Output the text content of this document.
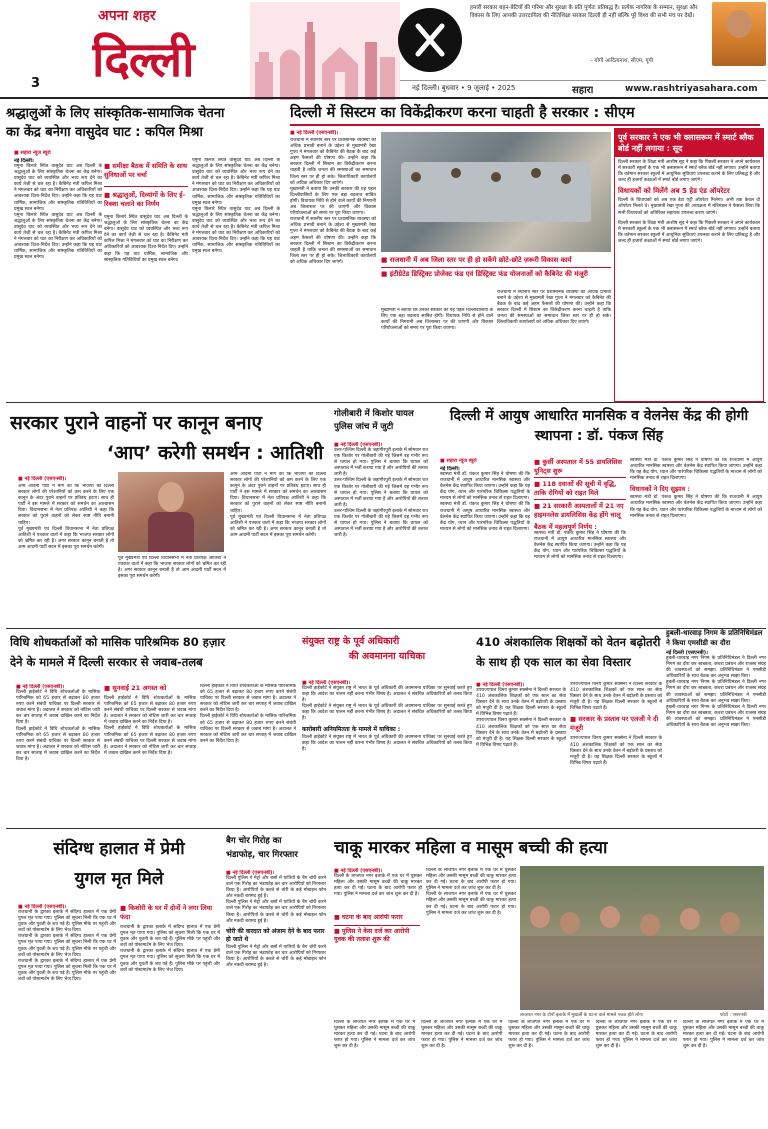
3
अपना शहर
दिल्ली
हमारी सरकार बहन-बेटियों की गरिमा और सुरक्षा के प्रति पूर्णतः प्रतिबद्ध है। प्रत्येक नागरिक के सम्मान, सुरक्षा और विकास के लिए आपकी उत्तरदायित्व की नीतिशिक्षा सरकार दिल्ली ही नहीं बल्कि पूरे विश्व की सभी मंच पर देखें।
– योगी आदित्यनाथ, सीएम, यूपी
नई दिल्ली। बुधवार • 9 जुलाई • 2025	सहारा	www.rashtriyasahara.com
श्रद्धालुओं के लिए सांस्कृतिक-सामाजिक चेतना
का केंद्र बनेगा वासुदेव घाट : कपिल मिश्रा
■ सहारा न्यूज ब्यूरो
नई दिल्ली।
यमुना किनारे स्थित वासुदेव घाट अब दिल्ली के श्रद्धालुओं के लिए सांस्कृतिक चेतना का केंद्र बनेगा। वासुदेव घाट को व्यवस्थित और भव्य रूप देने का कार्य तेज़ी से चल रहा है। कैबिनेट मंत्री कपिल मिश्रा ने मंगलवार को घाट का निरीक्षण कर अधिकारियों को आवश्यक दिशा-निर्देश दिए। उन्होंने कहा कि यह घाट धार्मिक, सामाजिक और सांस्कृतिक गतिविधियों का प्रमुख स्थल बनेगा।
यमुना किनारे स्थित वासुदेव घाट अब दिल्ली के श्रद्धालुओं के लिए सांस्कृतिक चेतना का केंद्र बनेगा। वासुदेव घाट को व्यवस्थित और भव्य रूप देने का कार्य तेज़ी से चल रहा है। कैबिनेट मंत्री कपिल मिश्रा ने मंगलवार को घाट का निरीक्षण कर अधिकारियों को आवश्यक दिशा-निर्देश दिए। उन्होंने कहा कि यह घाट धार्मिक, सामाजिक और सांस्कृतिक गतिविधियों का प्रमुख स्थल बनेगा।
■ समीक्षा बैठक में समिति के साथ सुविधाओं पर चर्चा
■ श्रद्धालुओं, दिव्यांगों के लिए ई-रिक्शा चलाने का निर्णय
यमुना किनारे स्थित वासुदेव घाट अब दिल्ली के श्रद्धालुओं के लिए सांस्कृतिक चेतना का केंद्र बनेगा। वासुदेव घाट को व्यवस्थित और भव्य रूप देने का कार्य तेज़ी से चल रहा है। कैबिनेट मंत्री कपिल मिश्रा ने मंगलवार को घाट का निरीक्षण कर अधिकारियों को आवश्यक दिशा-निर्देश दिए। उन्होंने कहा कि यह घाट धार्मिक, सामाजिक और सांस्कृतिक गतिविधियों का प्रमुख स्थल बनेगा।
यमुना किनारे स्थित वासुदेव घाट अब दिल्ली के श्रद्धालुओं के लिए सांस्कृतिक चेतना का केंद्र बनेगा। वासुदेव घाट को व्यवस्थित और भव्य रूप देने का कार्य तेज़ी से चल रहा है। कैबिनेट मंत्री कपिल मिश्रा ने मंगलवार को घाट का निरीक्षण कर अधिकारियों को आवश्यक दिशा-निर्देश दिए। उन्होंने कहा कि यह घाट धार्मिक, सामाजिक और सांस्कृतिक गतिविधियों का प्रमुख स्थल बनेगा।
यमुना किनारे स्थित वासुदेव घाट अब दिल्ली के श्रद्धालुओं के लिए सांस्कृतिक चेतना का केंद्र बनेगा। वासुदेव घाट को व्यवस्थित और भव्य रूप देने का कार्य तेज़ी से चल रहा है। कैबिनेट मंत्री कपिल मिश्रा ने मंगलवार को घाट का निरीक्षण कर अधिकारियों को आवश्यक दिशा-निर्देश दिए। उन्होंने कहा कि यह घाट धार्मिक, सामाजिक और सांस्कृतिक गतिविधियों का प्रमुख स्थल बनेगा।
दिल्ली में सिस्टम का विकेंद्रीकरण करना चाहती है सरकार : सीएम
■ नई दिल्ली (एसएनबी)।
राजधानी में स्थानीय स्तर पर प्रशासनिक व्यवस्था को अधिक प्रभावी बनाने के उद्देश्य से मुख्यमंत्री रेखा गुप्ता ने मंगलवार को कैबिनेट की बैठक के बाद कई अहम फैसलों की घोषणा की। उन्होंने कहा कि सरकार दिल्ली में सिस्टम का विकेंद्रीकरण करना चाहती है ताकि जनता की समस्याओं का समाधान जिला स्तर पर ही हो सके। जिलाधिकारी कार्यालयों को अधिक अधिकार दिए जाएंगे।
मुख्यमंत्री ने बताया कि उनकी सरकार की यह पहल दिल्लीवासियों के लिए एक बड़ा बदलाव साबित होगी। विधायक निधि से होने वाले कार्यों की निगरानी अब जिलास्तर पर की जाएगी और विकास परियोजनाओं को समय पर पूरा किया जाएगा।
राजधानी में स्थानीय स्तर पर प्रशासनिक व्यवस्था को अधिक प्रभावी बनाने के उद्देश्य से मुख्यमंत्री रेखा गुप्ता ने मंगलवार को कैबिनेट की बैठक के बाद कई अहम फैसलों की घोषणा की। उन्होंने कहा कि सरकार दिल्ली में सिस्टम का विकेंद्रीकरण करना चाहती है ताकि जनता की समस्याओं का समाधान जिला स्तर पर ही हो सके। जिलाधिकारी कार्यालयों को अधिक अधिकार दिए जाएंगे।	■ राजधानी में अब जिला स्तर पर ही हो सकेंगे छोटे-छोटे ज़रूरी विकास कार्य
■ इंटीग्रेटेड डिस्ट्रिक्ट प्रोजेक्ट फंड एवं डिस्ट्रिक्ट फंड योजनाओं को कैबिनेट की मंजूरी
मुख्यमंत्री ने बताया कि उनकी सरकार की यह पहल दिल्लीवासियों के लिए एक बड़ा बदलाव साबित होगी। विधायक निधि से होने वाले कार्यों की निगरानी अब जिलास्तर पर की जाएगी और विकास परियोजनाओं को समय पर पूरा किया जाएगा।
राजधानी में स्थानीय स्तर पर प्रशासनिक व्यवस्था को अधिक प्रभावी बनाने के उद्देश्य से मुख्यमंत्री रेखा गुप्ता ने मंगलवार को कैबिनेट की बैठक के बाद कई अहम फैसलों की घोषणा की। उन्होंने कहा कि सरकार दिल्ली में सिस्टम का विकेंद्रीकरण करना चाहती है ताकि जनता की समस्याओं का समाधान जिला स्तर पर ही हो सके। जिलाधिकारी कार्यालयों को अधिक अधिकार दिए जाएंगे।
पूर्व सरकार ने एक भी क्लासरूम में स्मार्ट ब्लैक बोर्ड नहीं लगाया : सूद
दिल्ली सरकार के शिक्षा मंत्री आशीष सूद ने कहा कि पिछली सरकार ने अपने कार्यकाल में सरकारी स्कूलों के एक भी क्लासरूम में स्मार्ट ब्लैक बोर्ड नहीं लगाया। उन्होंने बताया कि वर्तमान सरकार स्कूलों में आधुनिक सुविधाएं उपलब्ध कराने के लिए प्रतिबद्ध है और जल्द ही हजारों कक्षाओं में स्मार्ट बोर्ड लगाए जाएंगे।
विधायकों को मिलेंगे अब 5 हेड एंड ऑपरेटर
दिल्ली के विधायकों को अब एक डेटा एंट्री ऑपरेटर मिलेगा। अभी तक केवल दो ऑपरेटर मिलते थे। मुख्यमंत्री रेखा गुप्ता की अध्यक्षता में मंत्रिमंडल ने फैसला लिया कि सभी विधायकों को अतिरिक्त सहायक उपलब्ध कराए जाएंगे।
दिल्ली सरकार के शिक्षा मंत्री आशीष सूद ने कहा कि पिछली सरकार ने अपने कार्यकाल में सरकारी स्कूलों के एक भी क्लासरूम में स्मार्ट ब्लैक बोर्ड नहीं लगाया। उन्होंने बताया कि वर्तमान सरकार स्कूलों में आधुनिक सुविधाएं उपलब्ध कराने के लिए प्रतिबद्ध है और जल्द ही हजारों कक्षाओं में स्मार्ट बोर्ड लगाए जाएंगे।
सरकार पुराने वाहनों पर कानून बनाए
‘आप’ करेगी समर्थन : आतिशी
■ नई दिल्ली (एसएनबी)।
आम आदमी पार्टी ने मांग की कि भाजपा की दिल्ली सरकार लोगों की परेशानियों को कम करने के लिए एक कानून के अंदर पुराने वाहनों पर प्रतिबंध हटाए। साथ ही पार्टी ने इस मामले में सरकार को समर्थन का आश्वासन दिया। विधानसभा में नेता प्रतिपक्ष आतिशी ने कहा कि सरकार को पुराने वाहनों को लेकर स्पष्ट नीति बनानी चाहिए।
पूर्व मुख्यमंत्री एवं दिल्ली विधानसभा में नेता प्रतिपक्ष आतिशी ने पत्रकार वार्ता में कहा कि भाजपा सरकार लोगों को भ्रमित कर रही है। अगर सरकार कानून बनाती है तो आम आदमी पार्टी सदन में इसका पूरा समर्थन करेगी।
पूर्व मुख्यमंत्री एवं दिल्ली विधानसभा में नेता प्रतिपक्ष आतिशी ने पत्रकार वार्ता में कहा कि भाजपा सरकार लोगों को भ्रमित कर रही है। अगर सरकार कानून बनाती है तो आम आदमी पार्टी सदन में इसका पूरा समर्थन करेगी।
आम आदमी पार्टी ने मांग की कि भाजपा की दिल्ली सरकार लोगों की परेशानियों को कम करने के लिए एक कानून के अंदर पुराने वाहनों पर प्रतिबंध हटाए। साथ ही पार्टी ने इस मामले में सरकार को समर्थन का आश्वासन दिया। विधानसभा में नेता प्रतिपक्ष आतिशी ने कहा कि सरकार को पुराने वाहनों को लेकर स्पष्ट नीति बनानी चाहिए।
पूर्व मुख्यमंत्री एवं दिल्ली विधानसभा में नेता प्रतिपक्ष आतिशी ने पत्रकार वार्ता में कहा कि भाजपा सरकार लोगों को भ्रमित कर रही है। अगर सरकार कानून बनाती है तो आम आदमी पार्टी सदन में इसका पूरा समर्थन करेगी।
गोलीबारी में किशोर घायल पुलिस जांच में जुटी
■ नई दिल्ली (एसएनबी)।
उत्तर-पश्चिम दिल्ली के जहांगीरपुरी इलाके में सोमवार रात एक किशोर पर गोलीबारी की गई जिसमें वह गंभीर रूप से घायल हो गया। पुलिस ने बताया कि घायल को अस्पताल में भर्ती कराया गया है और आरोपियों की तलाश जारी है।
उत्तर-पश्चिम दिल्ली के जहांगीरपुरी इलाके में सोमवार रात एक किशोर पर गोलीबारी की गई जिसमें वह गंभीर रूप से घायल हो गया। पुलिस ने बताया कि घायल को अस्पताल में भर्ती कराया गया है और आरोपियों की तलाश जारी है।
उत्तर-पश्चिम दिल्ली के जहांगीरपुरी इलाके में सोमवार रात एक किशोर पर गोलीबारी की गई जिसमें वह गंभीर रूप से घायल हो गया। पुलिस ने बताया कि घायल को अस्पताल में भर्ती कराया गया है और आरोपियों की तलाश जारी है।
दिल्ली में आयुष आधारित मानसिक व वेलनेस केंद्र की होगी स्थापना : डॉ. पंकज सिंह
■ सहारा न्यूज ब्यूरो
नई दिल्ली।
स्वास्थ्य मंत्री डॉ. पंकज कुमार सिंह ने घोषणा की कि राजधानी में आयुष आधारित मानसिक स्वास्थ्य और वेलनेस केंद्र स्थापित किया जाएगा। उन्होंने कहा कि यह केंद्र योग, ध्यान और पारंपरिक चिकित्सा पद्धतियों के माध्यम से लोगों को मानसिक तनाव से राहत दिलाएगा।
स्वास्थ्य मंत्री डॉ. पंकज कुमार सिंह ने घोषणा की कि राजधानी में आयुष आधारित मानसिक स्वास्थ्य और वेलनेस केंद्र स्थापित किया जाएगा। उन्होंने कहा कि यह केंद्र योग, ध्यान और पारंपरिक चिकित्सा पद्धतियों के माध्यम से लोगों को मानसिक तनाव से राहत दिलाएगा।
■ कुर्सी अस्पताल में 55 डायलिसिस यूनिट्स शुरू
■ 118 दवाओं की सूची में वृद्धि, ताकि रोगियों को राहत मिले
■ 21 सरकारी अस्पतालों में 21 नए हाइमनलेस डायलिसिस केंद्र होंगे चालू
बैठक में महत्वपूर्ण निर्णय :
स्वास्थ्य मंत्री डॉ. पंकज कुमार सिंह ने घोषणा की कि राजधानी में आयुष आधारित मानसिक स्वास्थ्य और वेलनेस केंद्र स्थापित किया जाएगा। उन्होंने कहा कि यह केंद्र योग, ध्यान और पारंपरिक चिकित्सा पद्धतियों के माध्यम से लोगों को मानसिक तनाव से राहत दिलाएगा।
स्वास्थ्य मंत्री डॉ. पंकज कुमार सिंह ने घोषणा की कि राजधानी में आयुष आधारित मानसिक स्वास्थ्य और वेलनेस केंद्र स्थापित किया जाएगा। उन्होंने कहा कि यह केंद्र योग, ध्यान और पारंपरिक चिकित्सा पद्धतियों के माध्यम से लोगों को मानसिक तनाव से राहत दिलाएगा।
विधायकों ने दिए सुझाव :
स्वास्थ्य मंत्री डॉ. पंकज कुमार सिंह ने घोषणा की कि राजधानी में आयुष आधारित मानसिक स्वास्थ्य और वेलनेस केंद्र स्थापित किया जाएगा। उन्होंने कहा कि यह केंद्र योग, ध्यान और पारंपरिक चिकित्सा पद्धतियों के माध्यम से लोगों को मानसिक तनाव से राहत दिलाएगा।
विधि शोधकर्ताओं को मासिक पारिश्रमिक 80 हज़ार
देने के मामले में दिल्ली सरकार से जवाब-तलब
■ नई दिल्ली (एसएनबी)।
दिल्ली हाईकोर्ट ने विधि शोधकर्ताओं के मासिक पारिश्रमिक को 65 हजार से बढ़ाकर 80 हजार रुपए करने संबंधी याचिका पर दिल्ली सरकार से जवाब मांगा है। अदालत ने सरकार को नोटिस जारी कर चार सप्ताह में जवाब दाखिल करने का निर्देश दिया है।
दिल्ली हाईकोर्ट ने विधि शोधकर्ताओं के मासिक पारिश्रमिक को 65 हजार से बढ़ाकर 80 हजार रुपए करने संबंधी याचिका पर दिल्ली सरकार से जवाब मांगा है। अदालत ने सरकार को नोटिस जारी कर चार सप्ताह में जवाब दाखिल करने का निर्देश दिया है।
■ सुनवाई 21 अगस्त को
दिल्ली हाईकोर्ट ने विधि शोधकर्ताओं के मासिक पारिश्रमिक को 65 हजार से बढ़ाकर 80 हजार रुपए करने संबंधी याचिका पर दिल्ली सरकार से जवाब मांगा है। अदालत ने सरकार को नोटिस जारी कर चार सप्ताह में जवाब दाखिल करने का निर्देश दिया है।
दिल्ली हाईकोर्ट ने विधि शोधकर्ताओं के मासिक पारिश्रमिक को 65 हजार से बढ़ाकर 80 हजार रुपए करने संबंधी याचिका पर दिल्ली सरकार से जवाब मांगा है। अदालत ने सरकार को नोटिस जारी कर चार सप्ताह में जवाब दाखिल करने का निर्देश दिया है।
दिल्ली हाईकोर्ट ने विधि शोधकर्ताओं के मासिक पारिश्रमिक को 65 हजार से बढ़ाकर 80 हजार रुपए करने संबंधी याचिका पर दिल्ली सरकार से जवाब मांगा है। अदालत ने सरकार को नोटिस जारी कर चार सप्ताह में जवाब दाखिल करने का निर्देश दिया है।
दिल्ली हाईकोर्ट ने विधि शोधकर्ताओं के मासिक पारिश्रमिक को 65 हजार से बढ़ाकर 80 हजार रुपए करने संबंधी याचिका पर दिल्ली सरकार से जवाब मांगा है। अदालत ने सरकार को नोटिस जारी कर चार सप्ताह में जवाब दाखिल करने का निर्देश दिया है।
संयुक्त राष्ट्र के पूर्व अधिकारी
की अवमानना याचिका
■ नई दिल्ली (एसएनबी)।
दिल्ली हाईकोर्ट ने संयुक्त राष्ट्र में भारत के पूर्व अधिकारी की अवमानना याचिका पर सुनवाई करते हुए कहा कि आदेश का पालन नहीं करना गंभीर विषय है। अदालत ने संबंधित अधिकारियों को तलब किया है।
दिल्ली हाईकोर्ट ने संयुक्त राष्ट्र में भारत के पूर्व अधिकारी की अवमानना याचिका पर सुनवाई करते हुए कहा कि आदेश का पालन नहीं करना गंभीर विषय है। अदालत ने संबंधित अधिकारियों को तलब किया है।
कारोबारी अनियमितता के मामले में याचिका :
दिल्ली हाईकोर्ट ने संयुक्त राष्ट्र में भारत के पूर्व अधिकारी की अवमानना याचिका पर सुनवाई करते हुए कहा कि आदेश का पालन नहीं करना गंभीर विषय है। अदालत ने संबंधित अधिकारियों को तलब किया है।
410 अंशकालिक शिक्षकों को वेतन बढ़ोतरी
के साथ ही एक साल का सेवा विस्तार
■ नई दिल्ली (एसएनबी)।
उपराज्यपाल विनय कुमार सक्सेना ने दिल्ली सरकार के 410 अंशकालिक शिक्षकों को एक साल का सेवा विस्तार देने के साथ उनके वेतन में बढ़ोतरी के प्रस्ताव को मंजूरी दी है। यह शिक्षक दिल्ली सरकार के स्कूलों में विभिन्न विषय पढ़ाते हैं।
उपराज्यपाल विनय कुमार सक्सेना ने दिल्ली सरकार के 410 अंशकालिक शिक्षकों को एक साल का सेवा विस्तार देने के साथ उनके वेतन में बढ़ोतरी के प्रस्ताव को मंजूरी दी है। यह शिक्षक दिल्ली सरकार के स्कूलों में विभिन्न विषय पढ़ाते हैं।
उपराज्यपाल विनय कुमार सक्सेना ने दिल्ली सरकार के 410 अंशकालिक शिक्षकों को एक साल का सेवा विस्तार देने के साथ उनके वेतन में बढ़ोतरी के प्रस्ताव को मंजूरी दी है। यह शिक्षक दिल्ली सरकार के स्कूलों में विभिन्न विषय पढ़ाते हैं।
■ सरकार के प्रस्ताव पर एलजी ने दी मंजूरी
उपराज्यपाल विनय कुमार सक्सेना ने दिल्ली सरकार के 410 अंशकालिक शिक्षकों को एक साल का सेवा विस्तार देने के साथ उनके वेतन में बढ़ोतरी के प्रस्ताव को मंजूरी दी है। यह शिक्षक दिल्ली सरकार के स्कूलों में विभिन्न विषय पढ़ाते हैं।
हुबली-धारवाड़ निगम के प्रतिनिधिमंडल ने किया एमसीडी का दौरा
नई दिल्ली (एसएनबी)।
हुबली-धारवाड़ नगर निगम के प्रतिनिधिमंडल ने दिल्ली नगर निगम का दौरा कर स्वच्छता, कचरा प्रबंधन और राजस्व संग्रह की व्यवस्थाओं को समझा। प्रतिनिधिमंडल ने एमसीडी अधिकारियों के साथ बैठक कर अनुभव साझा किए।
हुबली-धारवाड़ नगर निगम के प्रतिनिधिमंडल ने दिल्ली नगर निगम का दौरा कर स्वच्छता, कचरा प्रबंधन और राजस्व संग्रह की व्यवस्थाओं को समझा। प्रतिनिधिमंडल ने एमसीडी अधिकारियों के साथ बैठक कर अनुभव साझा किए।
हुबली-धारवाड़ नगर निगम के प्रतिनिधिमंडल ने दिल्ली नगर निगम का दौरा कर स्वच्छता, कचरा प्रबंधन और राजस्व संग्रह की व्यवस्थाओं को समझा। प्रतिनिधिमंडल ने एमसीडी अधिकारियों के साथ बैठक कर अनुभव साझा किए।
संदिग्ध हालात में प्रेमी
युगल मृत मिले
■ नई दिल्ली (एसएनबी)।
राजधानी के द्वारका इलाके में संदिग्ध हालात में एक प्रेमी युगल मृत पाया गया। पुलिस को सूचना मिली कि एक घर में युवक और युवती के शव पड़े हैं। पुलिस मौके पर पहुंची और शवों को पोस्टमार्टम के लिए भेज दिया।
राजधानी के द्वारका इलाके में संदिग्ध हालात में एक प्रेमी युगल मृत पाया गया। पुलिस को सूचना मिली कि एक घर में युवक और युवती के शव पड़े हैं। पुलिस मौके पर पहुंची और शवों को पोस्टमार्टम के लिए भेज दिया।
राजधानी के द्वारका इलाके में संदिग्ध हालात में एक प्रेमी युगल मृत पाया गया। पुलिस को सूचना मिली कि एक घर में युवक और युवती के शव पड़े हैं। पुलिस मौके पर पहुंची और शवों को पोस्टमार्टम के लिए भेज दिया।
■ किशोरी के घर में दोनों ने लगा लिया फंदा
राजधानी के द्वारका इलाके में संदिग्ध हालात में एक प्रेमी युगल मृत पाया गया। पुलिस को सूचना मिली कि एक घर में युवक और युवती के शव पड़े हैं। पुलिस मौके पर पहुंची और शवों को पोस्टमार्टम के लिए भेज दिया।
राजधानी के द्वारका इलाके में संदिग्ध हालात में एक प्रेमी युगल मृत पाया गया। पुलिस को सूचना मिली कि एक घर में युवक और युवती के शव पड़े हैं। पुलिस मौके पर पहुंची और शवों को पोस्टमार्टम के लिए भेज दिया।
बैग चोर गिरोह का
भंडाफोड़, चार गिरफ्तार
■ नई दिल्ली (एसएनबी)।
दिल्ली पुलिस ने मेट्रो और बसों में यात्रियों के बैग चोरी करने वाले एक गिरोह का भंडाफोड़ कर चार आरोपियों को गिरफ्तार किया है। आरोपियों के कब्जे से चोरी के कई मोबाइल फोन और नकदी बरामद हुई है।
दिल्ली पुलिस ने मेट्रो और बसों में यात्रियों के बैग चोरी करने वाले एक गिरोह का भंडाफोड़ कर चार आरोपियों को गिरफ्तार किया है। आरोपियों के कब्जे से चोरी के कई मोबाइल फोन और नकदी बरामद हुई है।
चोरी की वारदात को अंजाम देने के बाद फरार हो जाते थे
दिल्ली पुलिस ने मेट्रो और बसों में यात्रियों के बैग चोरी करने वाले एक गिरोह का भंडाफोड़ कर चार आरोपियों को गिरफ्तार किया है। आरोपियों के कब्जे से चोरी के कई मोबाइल फोन और नकदी बरामद हुई है।
चाकू मारकर महिला व मासूम बच्ची की हत्या
■ नई दिल्ली (एसएनबी)।
दिल्ली के लाजपत नगर इलाके में एक घर में घुसकर महिला और उसकी मासूम बच्ची की चाकू मारकर हत्या कर दी गई। घटना के बाद आरोपी फरार हो गया। पुलिस ने मामला दर्ज कर जांच शुरू कर दी है।
■ घटना के बाद आरोपी फरार
■ पुलिस ने केस दर्ज कर आरोपी युवक की तलाश शुरू की
दिल्ली के लाजपत नगर इलाके में एक घर में घुसकर महिला और उसकी मासूम बच्ची की चाकू मारकर हत्या कर दी गई। घटना के बाद आरोपी फरार हो गया। पुलिस ने मामला दर्ज कर जांच शुरू कर दी है।
दिल्ली के लाजपत नगर इलाके में एक घर में घुसकर महिला और उसकी मासूम बच्ची की चाकू मारकर हत्या कर दी गई। घटना के बाद आरोपी फरार हो गया। पुलिस ने मामला दर्ज कर जांच शुरू कर दी है।
लाजपत नगर के दोनों इलाके में मुखर्जी के घटना वाले मामले एकत्र होते लोग।	फोटो : एसएनबी
दिल्ली के लाजपत नगर इलाके में एक घर में घुसकर महिला और उसकी मासूम बच्ची की चाकू मारकर हत्या कर दी गई। घटना के बाद आरोपी फरार हो गया। पुलिस ने मामला दर्ज कर जांच शुरू कर दी है।
दिल्ली के लाजपत नगर इलाके में एक घर में घुसकर महिला और उसकी मासूम बच्ची की चाकू मारकर हत्या कर दी गई। घटना के बाद आरोपी फरार हो गया। पुलिस ने मामला दर्ज कर जांच शुरू कर दी है।
दिल्ली के लाजपत नगर इलाके में एक घर में घुसकर महिला और उसकी मासूम बच्ची की चाकू मारकर हत्या कर दी गई। घटना के बाद आरोपी फरार हो गया। पुलिस ने मामला दर्ज कर जांच शुरू कर दी है।
दिल्ली के लाजपत नगर इलाके में एक घर में घुसकर महिला और उसकी मासूम बच्ची की चाकू मारकर हत्या कर दी गई। घटना के बाद आरोपी फरार हो गया। पुलिस ने मामला दर्ज कर जांच शुरू कर दी है।
दिल्ली के लाजपत नगर इलाके में एक घर में घुसकर महिला और उसकी मासूम बच्ची की चाकू मारकर हत्या कर दी गई। घटना के बाद आरोपी फरार हो गया। पुलिस ने मामला दर्ज कर जांच शुरू कर दी है।
